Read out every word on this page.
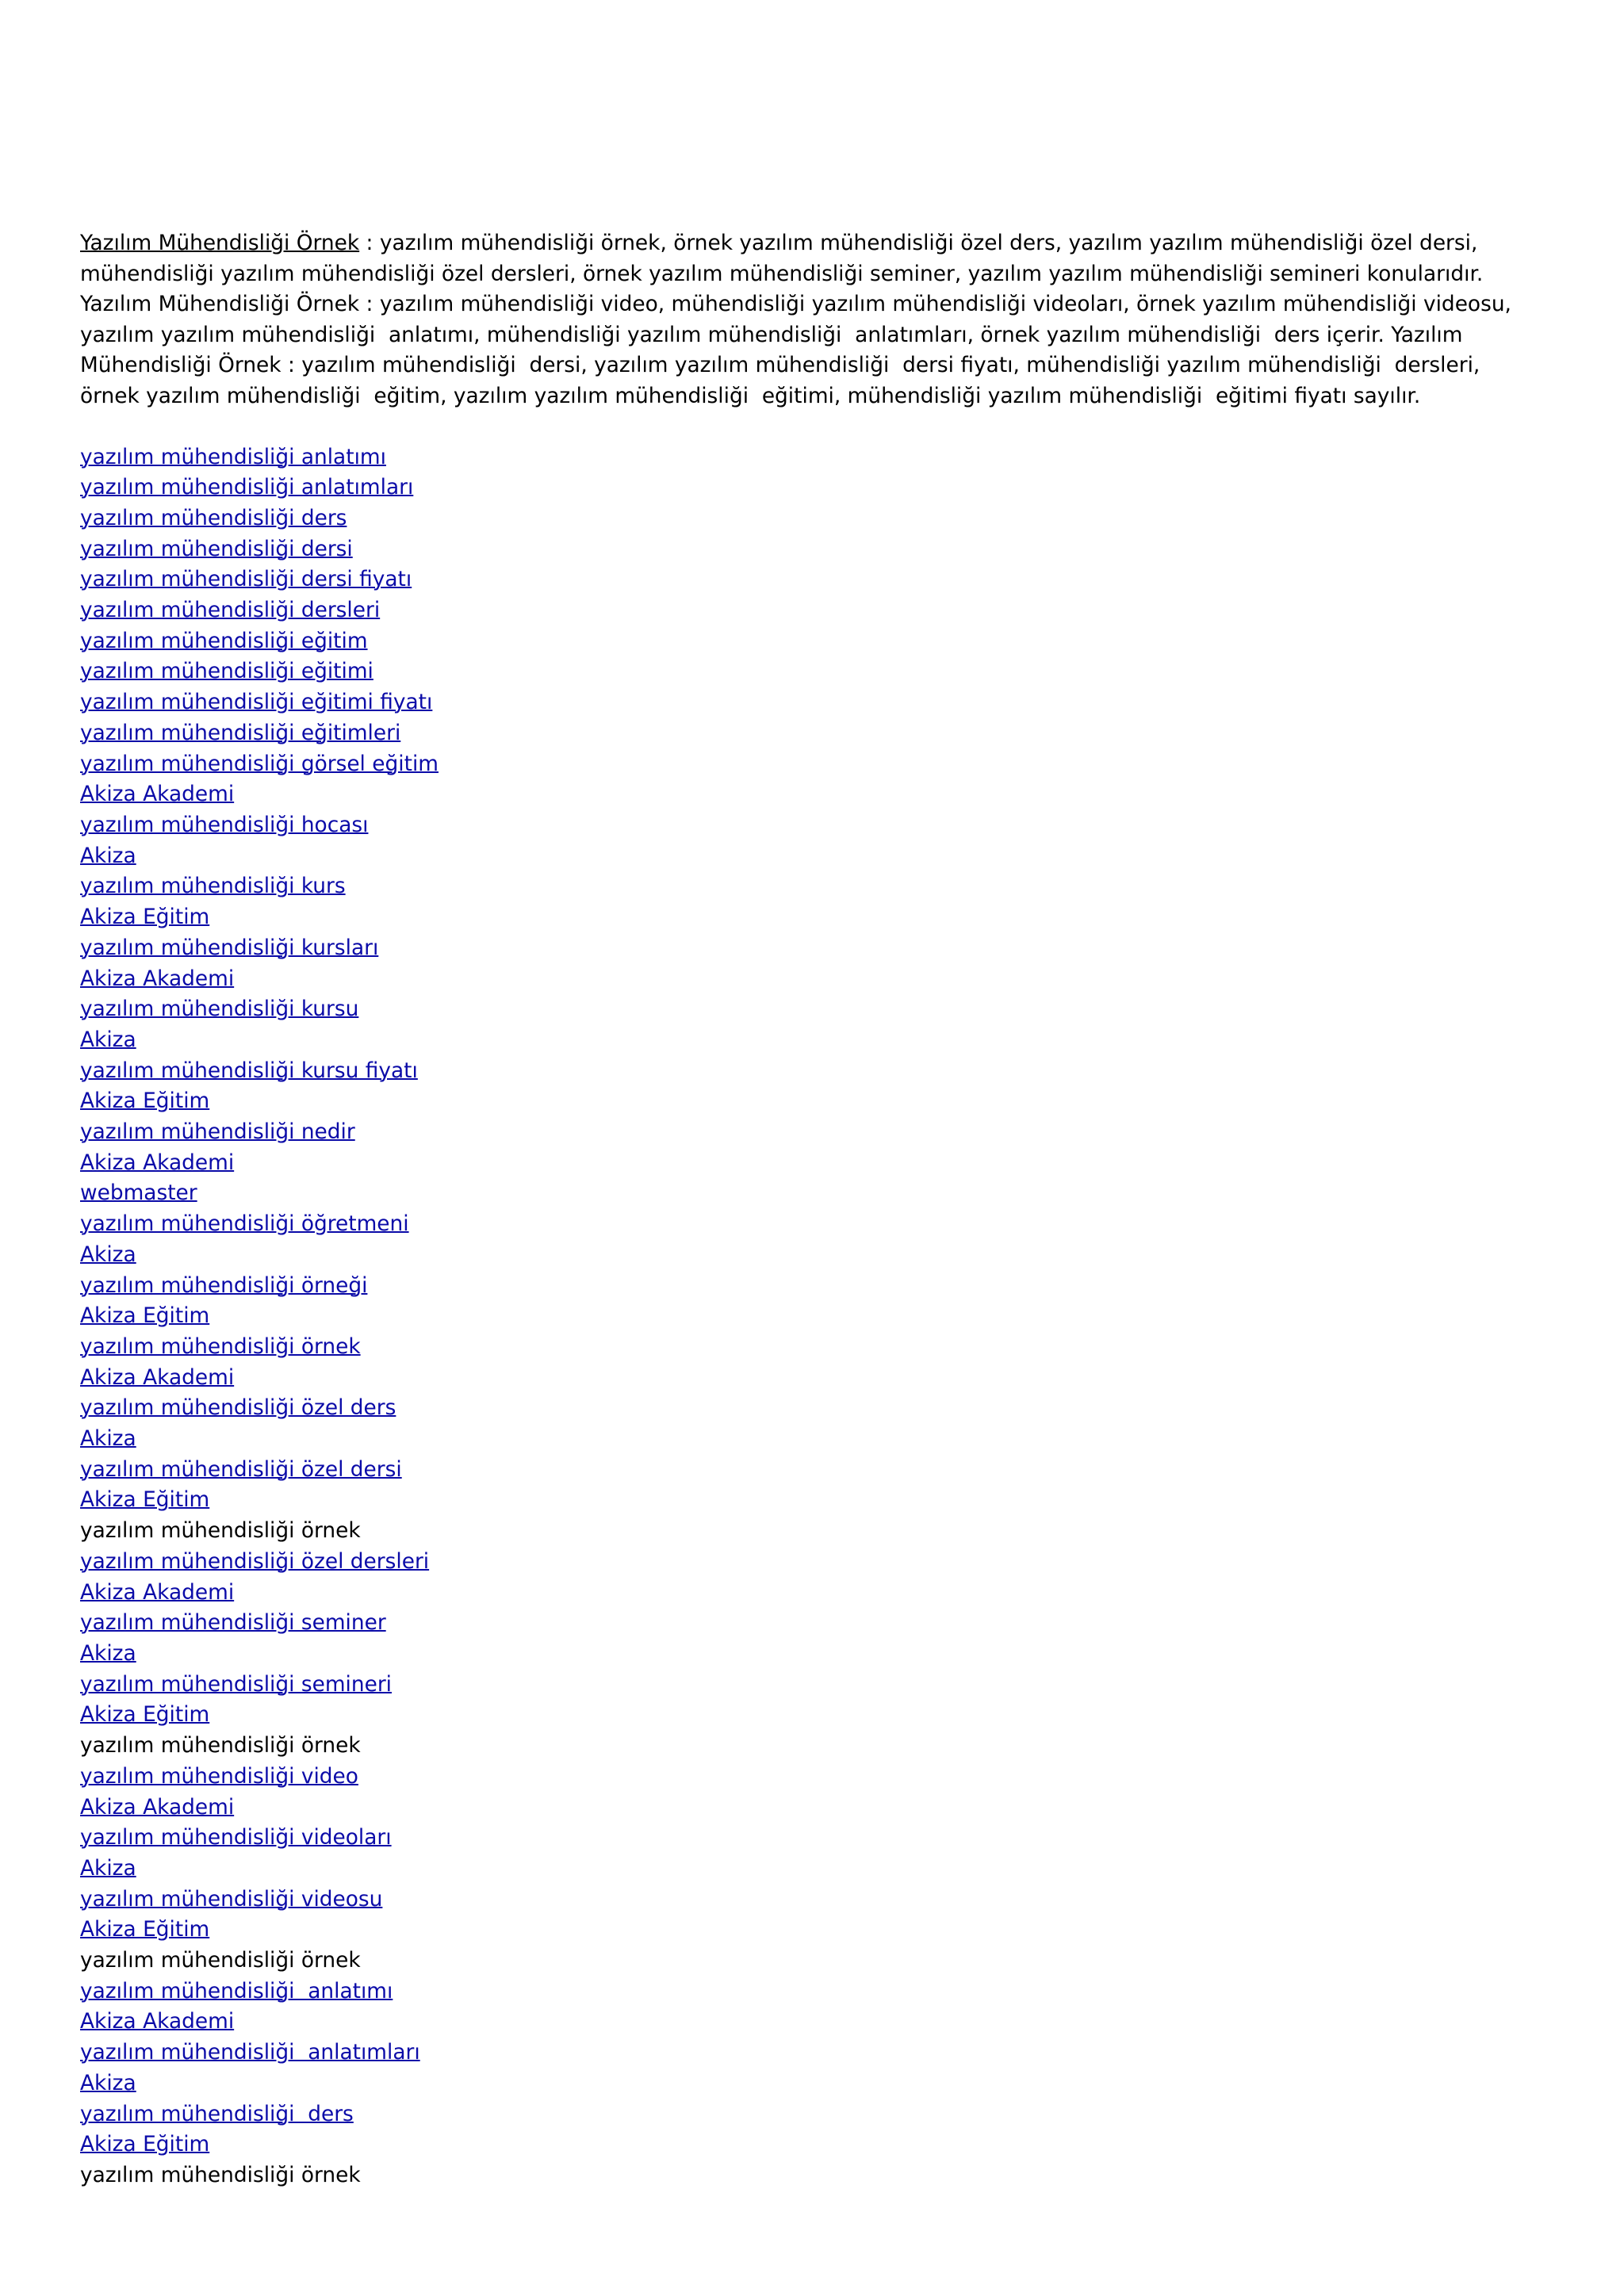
Yazılım Mühendisliği Örnek : yazılım mühendisliği örnek, örnek yazılım mühendisliği özel ders, yazılım yazılım mühendisliği özel dersi, mühendisliği yazılım mühendisliği özel dersleri, örnek yazılım mühendisliği seminer, yazılım yazılım mühendisliği semineri konularıdır. Yazılım Mühendisliği Örnek : yazılım mühendisliği video, mühendisliği yazılım mühendisliği videoları, örnek yazılım mühendisliği videosu, yazılım yazılım mühendisliği  anlatımı, mühendisliği yazılım mühendisliği  anlatımları, örnek yazılım mühendisliği  ders içerir. Yazılım Mühendisliği Örnek : yazılım mühendisliği  dersi, yazılım yazılım mühendisliği  dersi fiyatı, mühendisliği yazılım mühendisliği  dersleri, örnek yazılım mühendisliği  eğitim, yazılım yazılım mühendisliği  eğitimi, mühendisliği yazılım mühendisliği  eğitimi fiyatı sayılır.

yazılım mühendisliği anlatımı
yazılım mühendisliği anlatımları
yazılım mühendisliği ders
yazılım mühendisliği dersi
yazılım mühendisliği dersi fiyatı
yazılım mühendisliği dersleri
yazılım mühendisliği eğitim
yazılım mühendisliği eğitimi
yazılım mühendisliği eğitimi fiyatı
yazılım mühendisliği eğitimleri
yazılım mühendisliği görsel eğitim
Akiza Akademi
yazılım mühendisliği hocası
Akiza
yazılım mühendisliği kurs
Akiza Eğitim
yazılım mühendisliği kursları
Akiza Akademi
yazılım mühendisliği kursu
Akiza
yazılım mühendisliği kursu fiyatı
Akiza Eğitim
yazılım mühendisliği nedir
Akiza Akademi
webmaster
yazılım mühendisliği öğretmeni
Akiza
yazılım mühendisliği örneği
Akiza Eğitim
yazılım mühendisliği örnek
Akiza Akademi
yazılım mühendisliği özel ders
Akiza
yazılım mühendisliği özel dersi
Akiza Eğitim
yazılım mühendisliği örnek
yazılım mühendisliği özel dersleri
Akiza Akademi
yazılım mühendisliği seminer
Akiza
yazılım mühendisliği semineri
Akiza Eğitim
yazılım mühendisliği örnek
yazılım mühendisliği video
Akiza Akademi
yazılım mühendisliği videoları
Akiza
yazılım mühendisliği videosu
Akiza Eğitim
yazılım mühendisliği örnek
yazılım mühendisliği  anlatımı
Akiza Akademi
yazılım mühendisliği  anlatımları
Akiza
yazılım mühendisliği  ders
Akiza Eğitim
yazılım mühendisliği örnek
